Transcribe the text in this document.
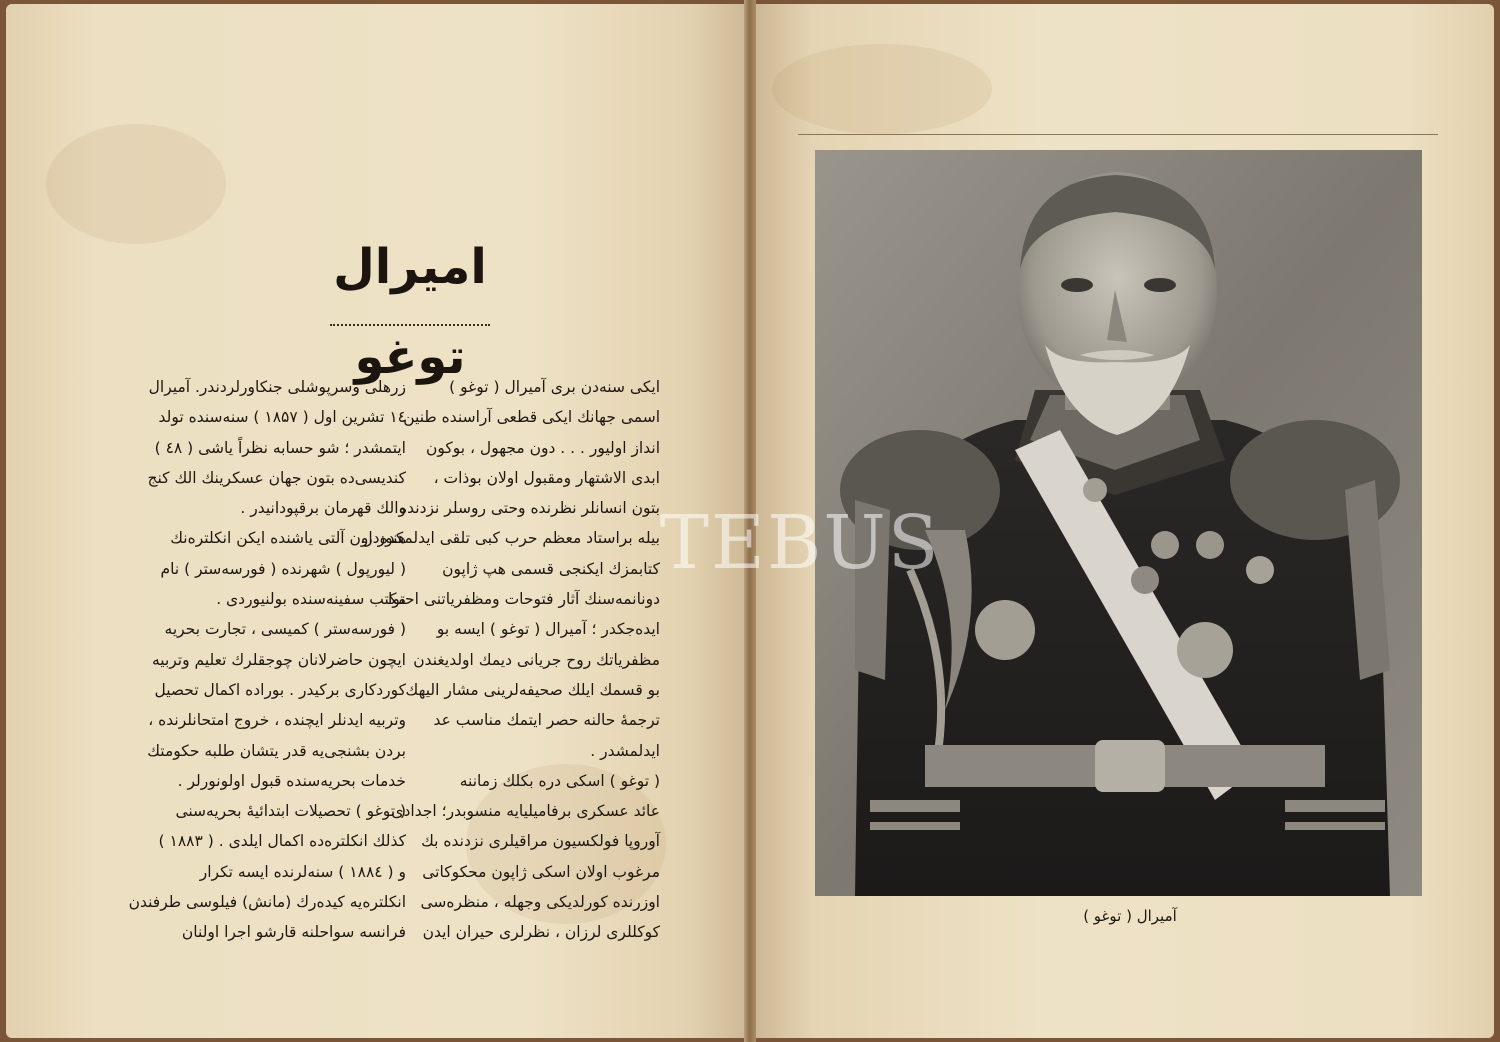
امیرال توغو
ایکی سنه‌دن بری آمیرال ( توغو )
اسمی جهانك ایکی قطعی آراسنده طنین
انداز اولیور . . . دون مجهول ، بوکون
ابدی الاشتهار ومقبول اولان بوذات ،
بتون انسانلر نظرنده وحتی روسلر نزدنده
بیله براستاد معظم حرب کبی تلقی ایدلمکده‌در.
کتابمزك ایکنجی قسمی هپ ژاپون
دونانمه‌سنك آثار فتوحات ومظفریاتنی احتوا
ایده‌جکدر ؛ آمیرال ( توغو ) ایسه بو
مظفریاتك روح جریانی دیمك اولدیغندن
بو قسمك ایلك صحیفه‌لرینی مشار الیهك
ترجمهٔ حالنه حصر ایتمك مناسب عد
ایدلمشدر .
( توغو ) اسکی دره بکلك زماننه
عائد عسکری برفامیلیایه منسوبدر؛ اجدادی
آوروپا فولکسیون مراقیلری نزدنده بك
مرغوب اولان اسکی ژاپون محکوکاتی
اوزرنده کورلدیکی وجهله ، منظره‌سی
کوکللری لرزان ، نظرلری حیران ایدن
زرهلی وسرپوشلی جنکاورلردندر. آمیرال
۱٤ تشرین اول ( ۱۸۵۷ ) سنه‌سنده تولد
ایتمشدر ؛ شو حسابه نظراً یاشی ( ٤۸ )
کندیسی‌ده بتون جهان عسکرینك الك کنج
والك قهرمان برقپودانیدر .
هنوز اون آلتی یاشنده ایکن انکلتره‌نك
( لیورپول ) شهرنده ( فورسه‌ستر ) نام
مکتب سفینه‌سنده بولنیوردی .
( فورسه‌ستر ) کمیسی ، تجارت بحریه
ایچون حاضرلانان چوجقلرك تعلیم وتربیه
کوردکاری برکیدر . بوراده اکمال تحصیل
وتربیه ایدنلر ایچنده ، خروج امتحانلرنده ،
بردن بشنجی‌یه قدر یتشان طلبه حکومتك
خدمات بحریه‌سنده قبول اولونورلر .
( توغو ) تحصیلات ابتدائیهٔ بحریه‌سنی
کذلك انکلتره‌ده اکمال ایلدی . ( ۱۸۸۳ )
و ( ۱۸۸٤ ) سنه‌لرنده ایسه تکرار
انکلتره‌یه کیده‌رك (مانش) فیلوسی طرفندن
فرانسه سواحلنه قارشو اجرا اولنان
آمیرال ( توغو )
TEBUS
